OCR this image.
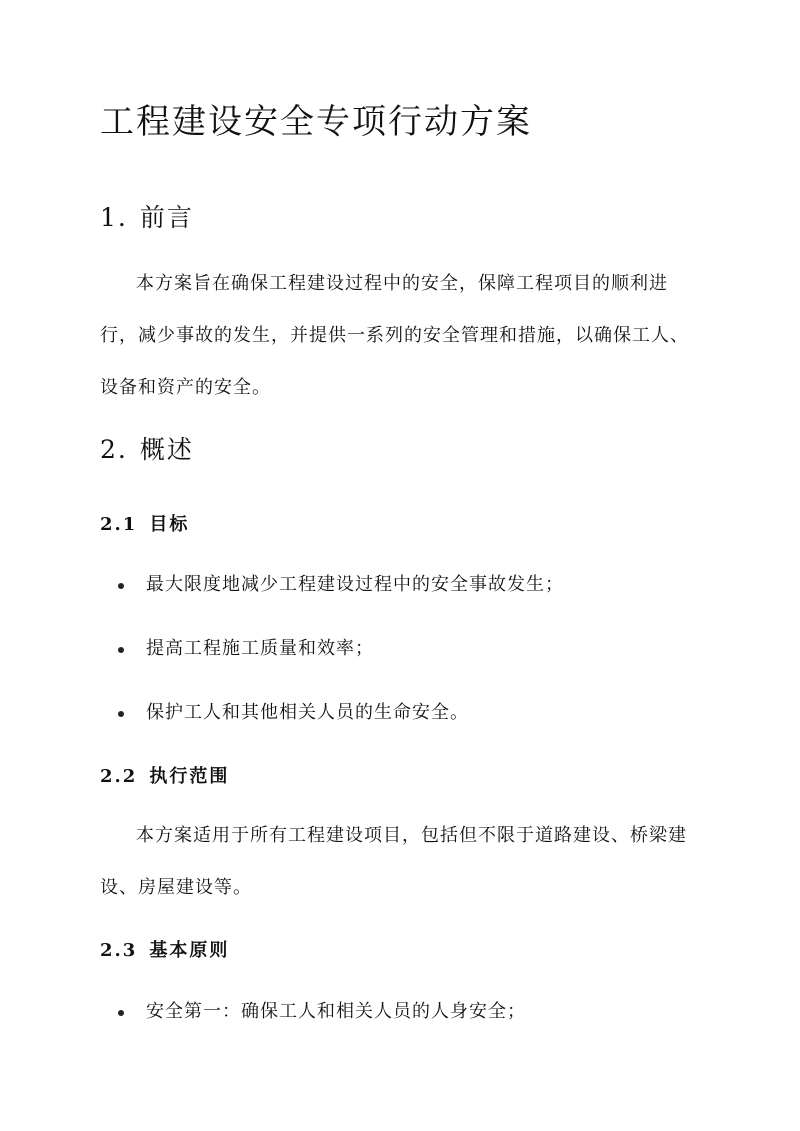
工程建设安全专项行动方案
1. 前言

本方案旨在确保工程建设过程中的安全，保障工程项目的顺利进行，减少事故的发生，并提供一系列的安全管理和措施，以确保工人、设备和资产的安全。

2. 概述
2.1 目标
最大限度地减少工程建设过程中的安全事故发生；
提高工程施工质量和效率；
保护工人和其他相关人员的生命安全。
2.2 执行范围

本方案适用于所有工程建设项目，包括但不限于道路建设、桥梁建设、房屋建设等。

2.3 基本原则
安全第一：确保工人和相关人员的人身安全；
